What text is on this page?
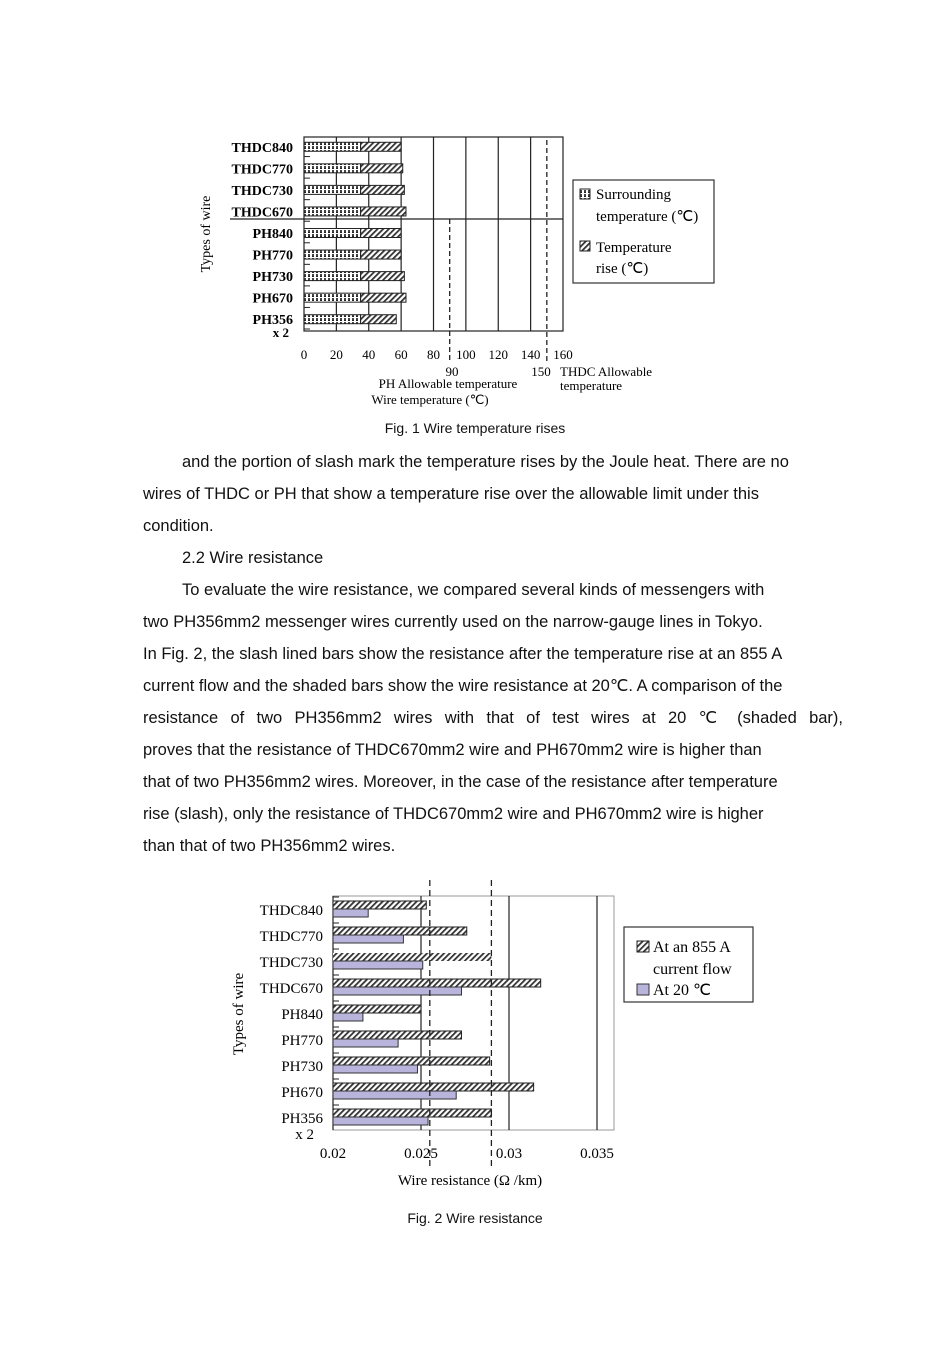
0 20 40 60 80 100 120 140 160
THDC840
THDC770
THDC730
THDC670
PH840
PH770
PH730
PH670
PH356
x 2
90
PH Allowable temperature
150 THDC Allowable
temperature
Wire temperature (℃)
Types of wire
Surrounding
temperature (℃)
Temperature
rise (℃)
Fig. 1 Wire temperature rises

and the portion of slash mark the temperature rises by the Joule heat. There are no

wires of THDC or PH that show a temperature rise over the allowable limit under this

condition.

2.2 Wire resistance

To evaluate the wire resistance, we compared several kinds of messengers with

two PH356mm2 messenger wires currently used on the narrow-gauge lines in Tokyo.

In Fig. 2, the slash lined bars show the resistance after the temperature rise at an 855 A

current flow and the shaded bars show the wire resistance at 20℃. A comparison of the

resistance of two PH356mm2 wires with that of test wires at 20 ℃ (shaded bar),

proves that the resistance of THDC670mm2 wire and PH670mm2 wire is higher than

that of two PH356mm2 wires. Moreover, in the case of the resistance after temperature

rise (slash), only the resistance of THDC670mm2 wire and PH670mm2 wire is higher

than that of two PH356mm2 wires.

0.02	0.025	0.03	0.035
THDC840
THDC770
THDC730
THDC670
PH840
PH770
PH730
PH670
PH356
x 2
Wire resistance (Ω /km)
Types of wire
At an 855 A
current flow
At 20 ℃
Fig. 2 Wire resistance
